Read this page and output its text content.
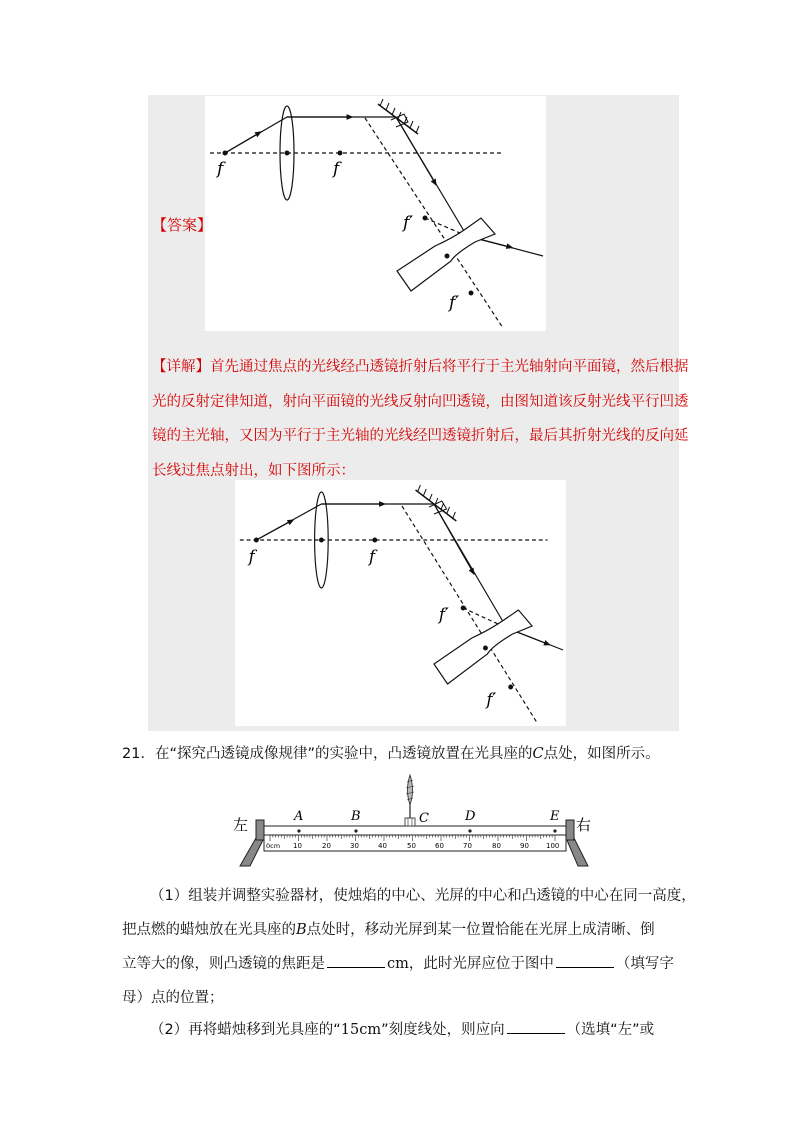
f	f
f′
f′
【答案】

【详解】首先通过焦点的光线经凸透镜折射后将平行于主光轴射向平面镜，然后根据

光的反射定律知道，射向平面镜的光线反射向凹透镜，由图知道该反射光线平行凹透

镜的主光轴，又因为平行于主光轴的光线经凹透镜折射后，最后其折射光线的反向延

长线过焦点射出，如下图所示：

f	f
f′
f′
21．在“探究凸透镜成像规律”的实验中，凸透镜放置在光具座的C点处，如图所示。
左	右
0cm 10	20	30	40	50	60	70	80	90 100
A	B	C	D	E
（1）组装并调整实验器材，使烛焰的中心、光屏的中心和凸透镜的中心在同一高度，
把点燃的蜡烛放在光具座的B点处时，移动光屏到某一位置恰能在光屏上成清晰、倒
立等大的像，则凸透镜的焦距是	cm，此时光屏应位于图中	（填写字
母）点的位置；
（2）再将蜡烛移到光具座的“15cm”刻度线处，则应向	（选填“左”或
